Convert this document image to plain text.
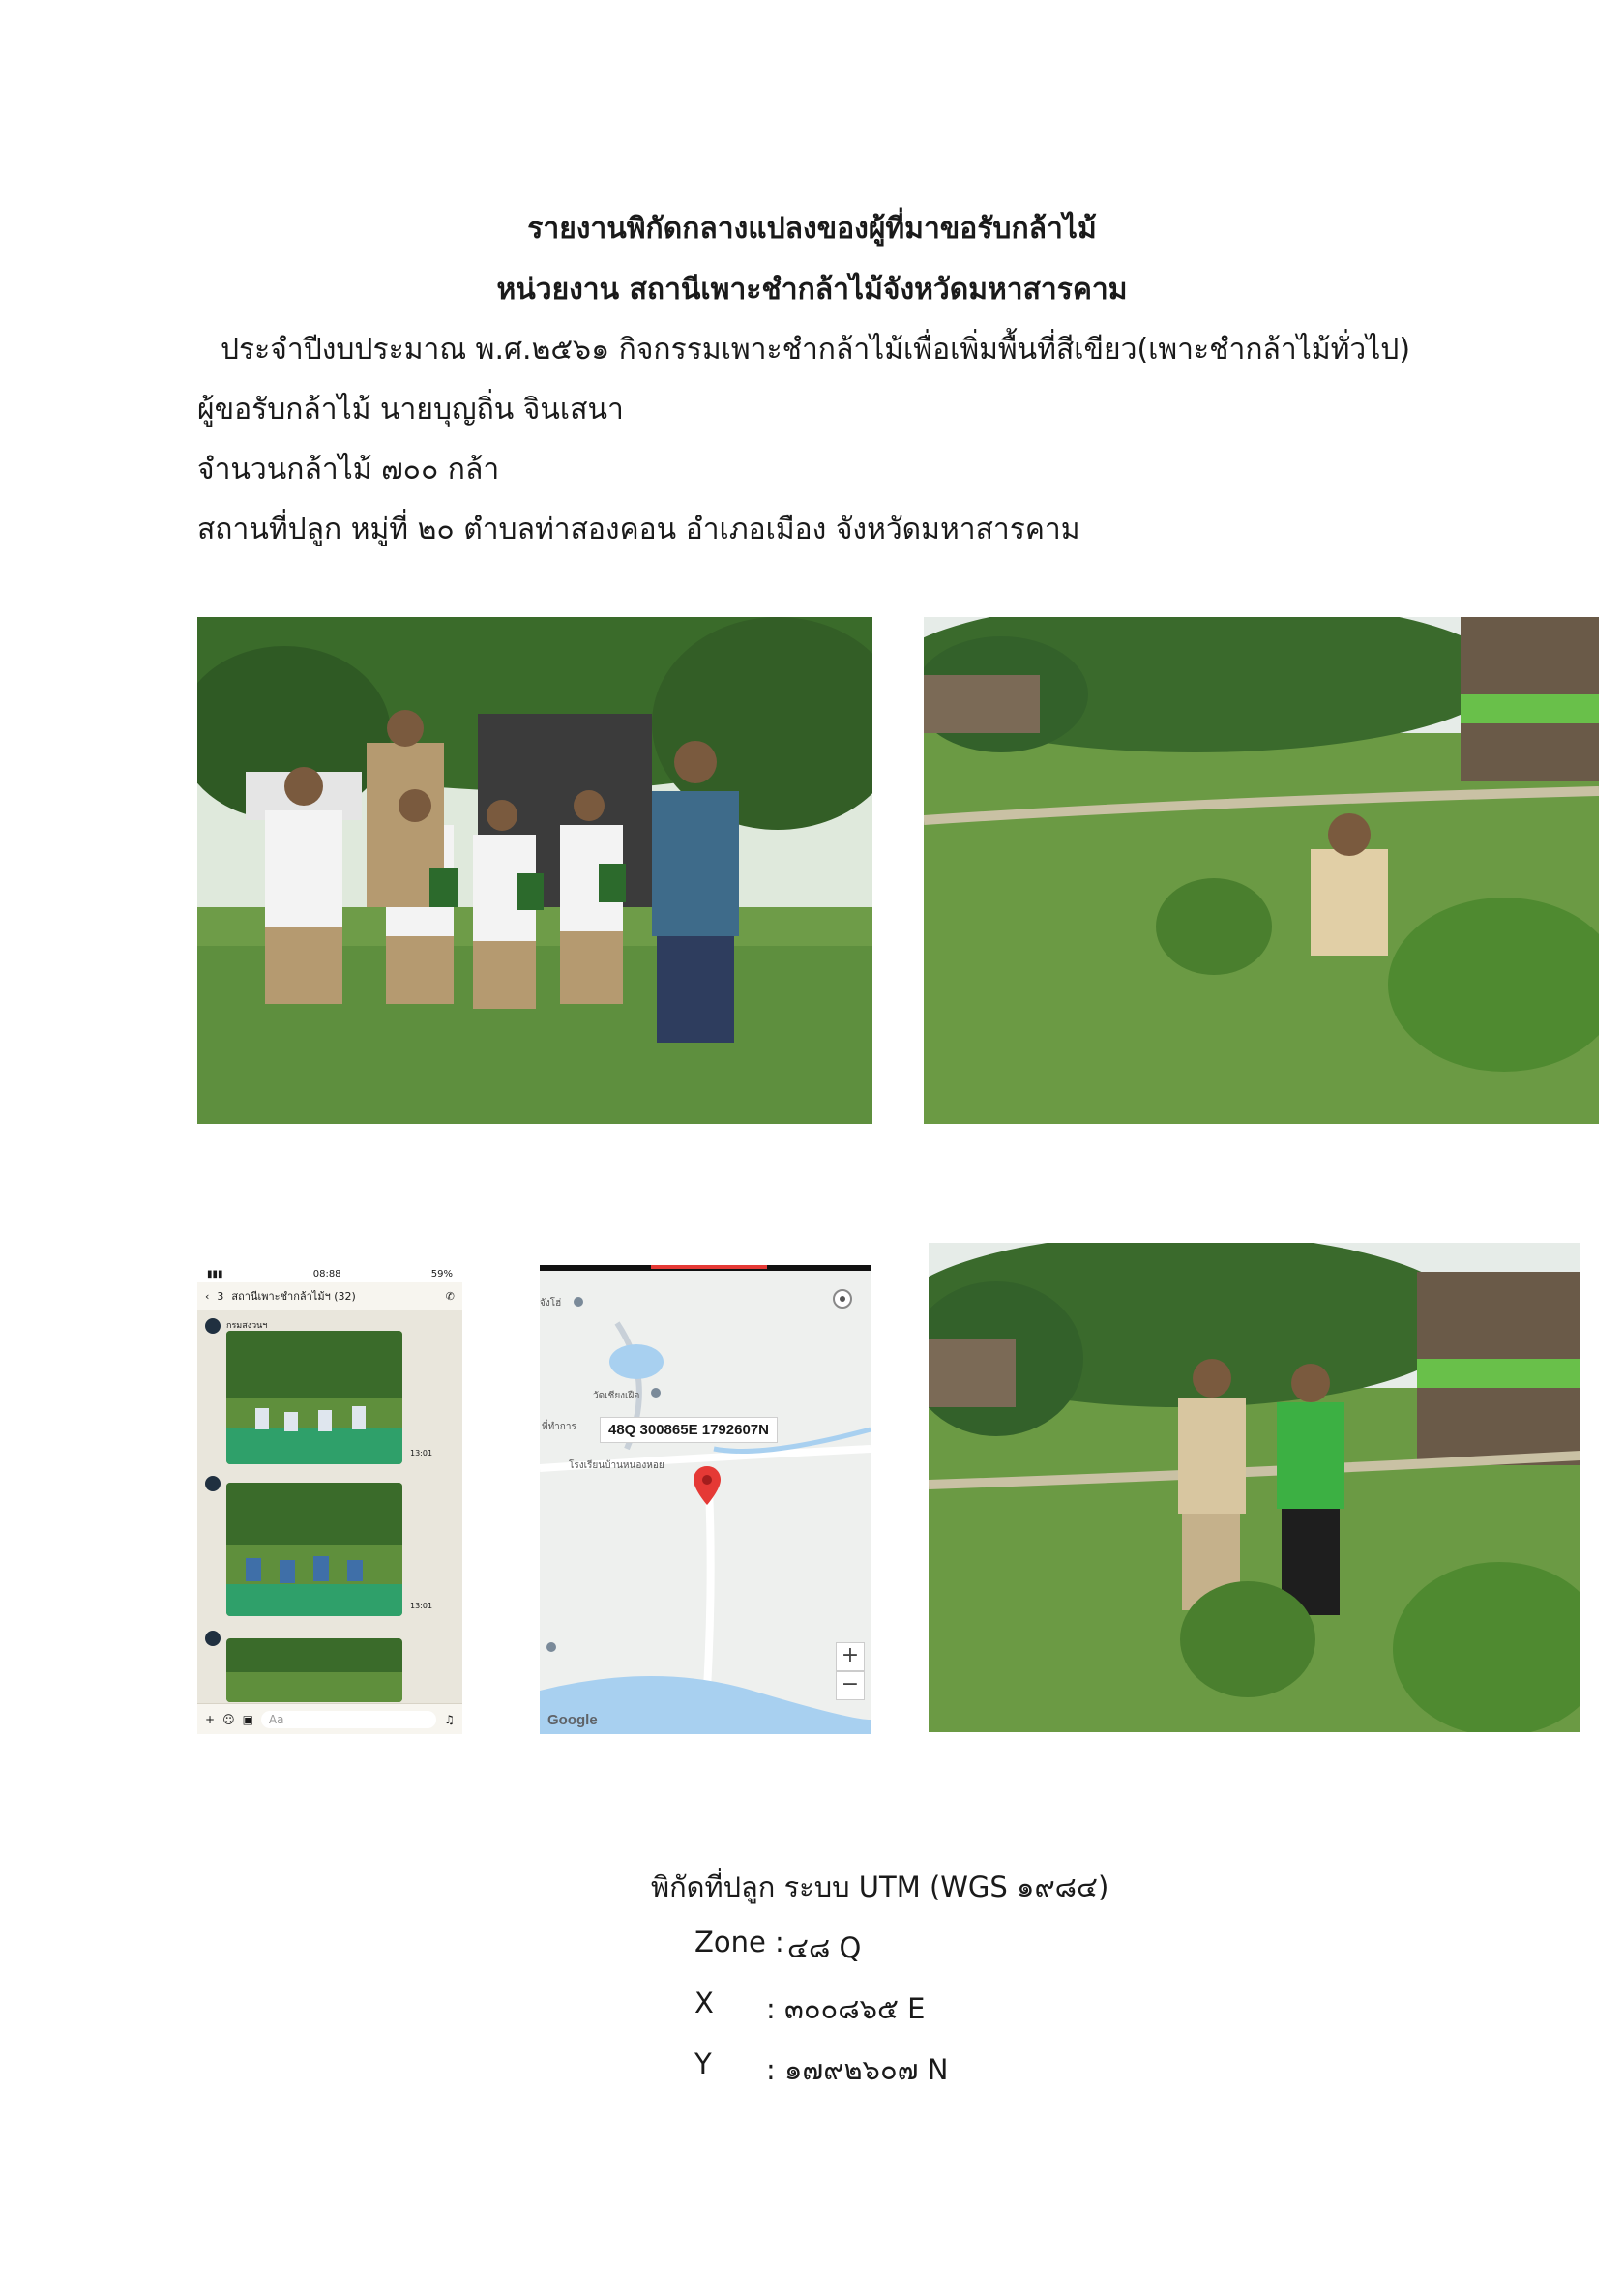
รายงานพิกัดกลางแปลงของผู้ที่มาขอรับกล้าไม้
หน่วยงาน สถานีเพาะชำกล้าไม้จังหวัดมหาสารคาม
ประจำปีงบประมาณ พ.ศ.๒๕๖๑ กิจกรรมเพาะชำกล้าไม้เพื่อเพิ่มพื้นที่สีเขียว(เพาะชำกล้าไม้ทั่วไป)
ผู้ขอรับกล้าไม้ นายบุญถิ่น จินเสนา
จำนวนกล้าไม้ ๗๐๐ กล้า
สถานที่ปลูก หมู่ที่ ๒๐ ตำบลท่าสองคอน อำเภอเมือง จังหวัดมหาสารคาม
▮▮▮	08:88	59%
‹ 3 สถานีเพาะชำกล้าไม้ฯ (32)	✆
กรมสงวนฯ
13:01
13:01
+ ☺ ▣	Aa	♫
วัดเชียงเฝือ
ที่ทำการ
โรงเรียนบ้านหนองหอย
จังโฮ่
48Q 300865E 1792607N
+
−
Google
พิกัดที่ปลูก ระบบ UTM (WGS ๑๙๘๔)
Zone : ๔๘ Q
X : ๓๐๐๘๖๕ E
Y : ๑๗๙๒๖๐๗ N
